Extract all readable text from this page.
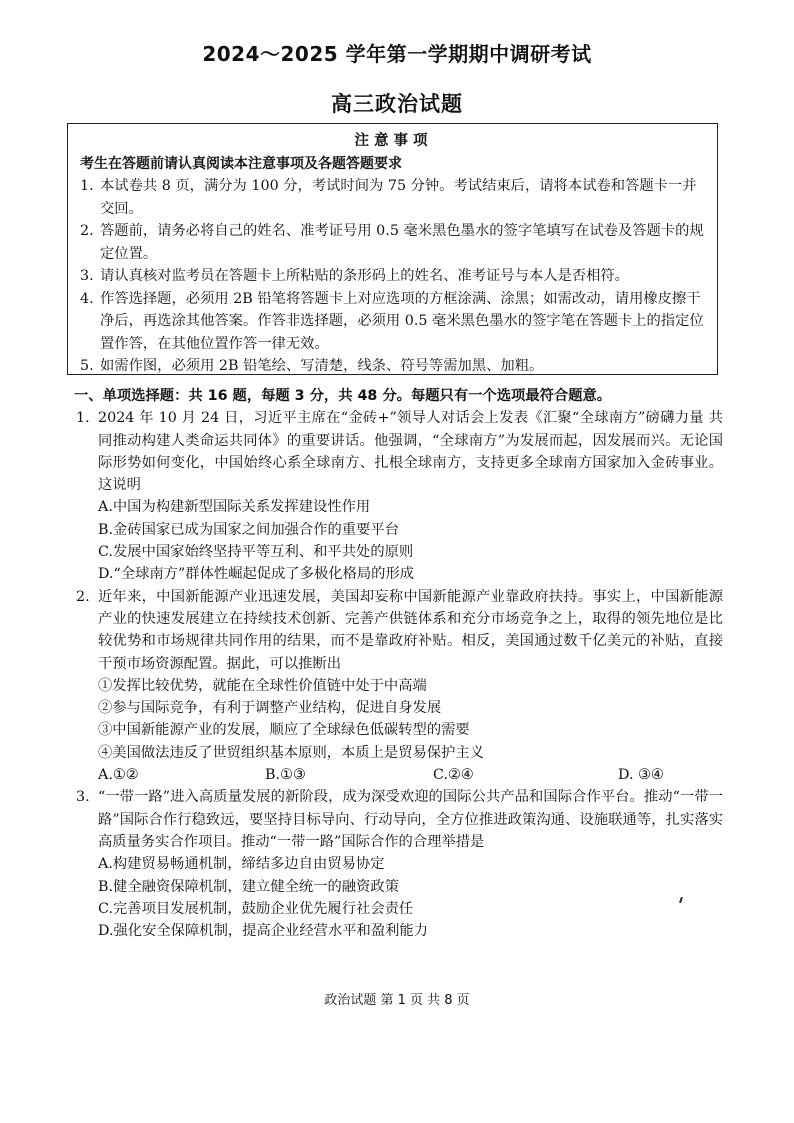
2024～2025 学年第一学期期中调研考试
高三政治试题
注意事项
考生在答题前请认真阅读本注意事项及各题答题要求
1. 本试卷共 8 页，满分为 100 分，考试时间为 75 分钟。考试结束后，请将本试卷和答题卡一并交回。
2. 答题前，请务必将自己的姓名、准考证号用 0.5 毫米黑色墨水的签字笔填写在试卷及答题卡的规定位置。
3. 请认真核对监考员在答题卡上所粘贴的条形码上的姓名、准考证号与本人是否相符。
4. 作答选择题，必须用 2B 铅笔将答题卡上对应选项的方框涂满、涂黑；如需改动，请用橡皮擦干净后，再选涂其他答案。作答非选择题，必须用 0.5 毫米黑色墨水的签字笔在答题卡上的指定位置作答，在其他位置作答一律无效。
5. 如需作图，必须用 2B 铅笔绘、写清楚，线条、符号等需加黑、加粗。
一、单项选择题：共 16 题，每题 3 分，共 48 分。每题只有一个选项最符合题意。
1. 2024 年 10 月 24 日，习近平主席在“金砖+”领导人对话会上发表《汇聚“全球南方”磅礴力量 共同推动构建人类命运共同体》的重要讲话。他强调，“全球南方”为发展而起，因发展而兴。无论国际形势如何变化，中国始终心系全球南方、扎根全球南方，支持更多全球南方国家加入金砖事业。这说明
A.中国为构建新型国际关系发挥建设性作用
B.金砖国家已成为国家之间加强合作的重要平台
C.发展中国家始终坚持平等互利、和平共处的原则
D.“全球南方”群体性崛起促成了多极化格局的形成
2. 近年来，中国新能源产业迅速发展，美国却妄称中国新能源产业靠政府扶持。事实上，中国新能源产业的快速发展建立在持续技术创新、完善产供链体系和充分市场竞争之上，取得的领先地位是比较优势和市场规律共同作用的结果，而不是靠政府补贴。相反，美国通过数千亿美元的补贴，直接干预市场资源配置。据此，可以推断出
①发挥比较优势，就能在全球性价值链中处于中高端
②参与国际竞争，有利于调整产业结构，促进自身发展
③中国新能源产业的发展，顺应了全球绿色低碳转型的需要
④美国做法违反了世贸组织基本原则，本质上是贸易保护主义
A.①②	B.①③	C.②④	D. ③④
3. “一带一路”进入高质量发展的新阶段，成为深受欢迎的国际公共产品和国际合作平台。推动“一带一路”国际合作行稳致远，要坚持目标导向、行动导向，全方位推进政策沟通、设施联通等，扎实落实高质量务实合作项目。推动“一带一路”国际合作的合理举措是
A.构建贸易畅通机制，缔结多边自由贸易协定
B.健全融资保障机制，建立健全统一的融资政策
C.完善项目发展机制，鼓励企业优先履行社会责任
D.强化安全保障机制，提高企业经营水平和盈利能力
政治试题 第 1 页 共 8 页
